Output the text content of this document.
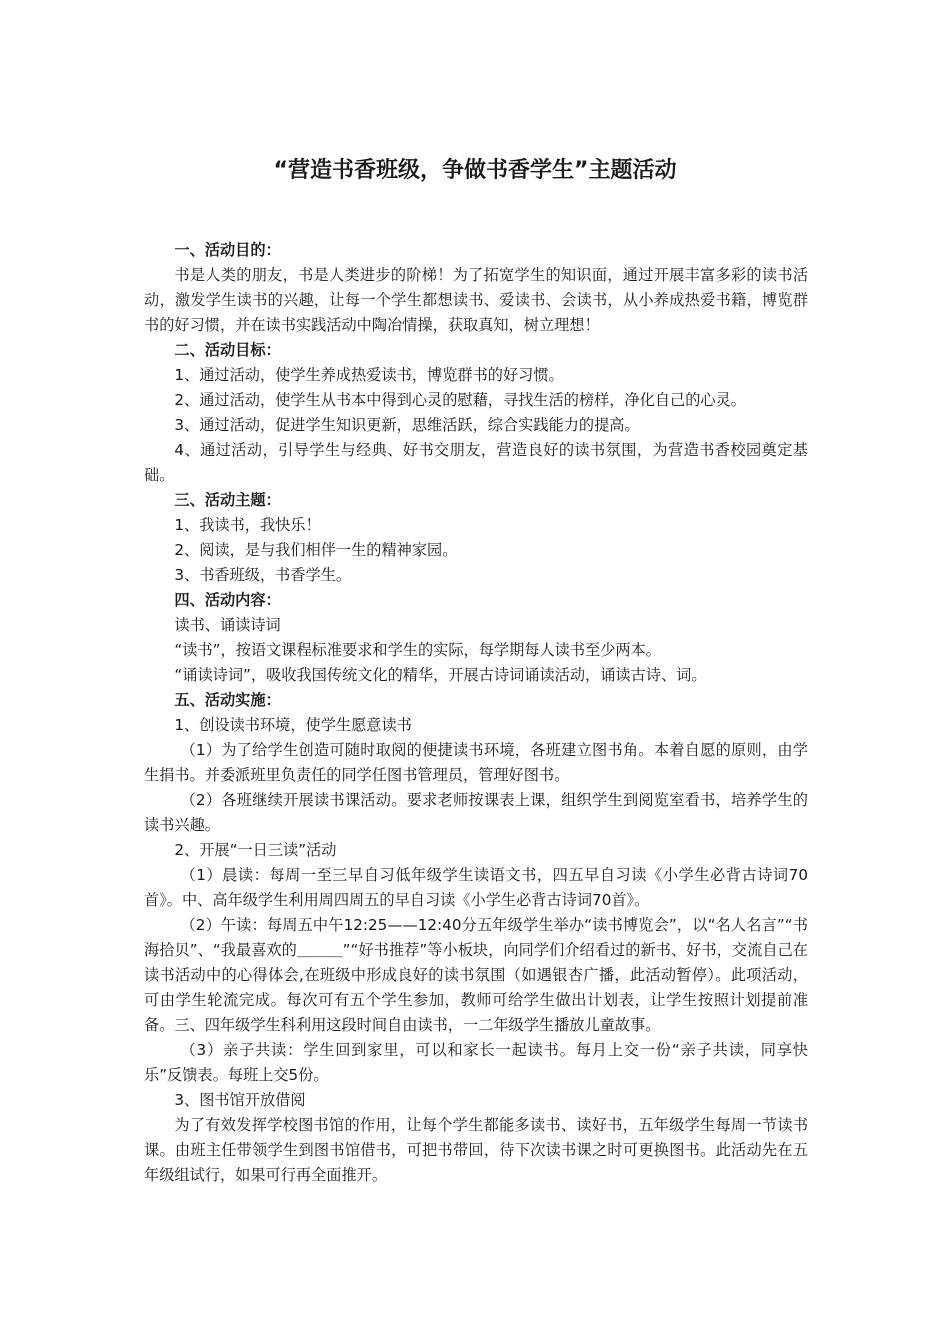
“营造书香班级，争做书香学生”主题活动

一、活动目的：

书是人类的朋友，书是人类进步的阶梯！为了拓宽学生的知识面，通过开展丰富多彩的读书活动，激发学生读书的兴趣，让每一个学生都想读书、爱读书、会读书，从小养成热爱书籍，博览群书的好习惯，并在读书实践活动中陶冶情操，获取真知，树立理想！

二、活动目标：

1、通过活动，使学生养成热爱读书，博览群书的好习惯。

2、通过活动，使学生从书本中得到心灵的慰藉，寻找生活的榜样，净化自己的心灵。

3、通过活动，促进学生知识更新，思维活跃，综合实践能力的提高。

4、通过活动，引导学生与经典、好书交朋友，营造良好的读书氛围，为营造书香校园奠定基础。

三、活动主题：

1、我读书，我快乐！

2、阅读，是与我们相伴一生的精神家园。

3、书香班级，书香学生。

四、活动内容：

读书、诵读诗词

“读书”，按语文课程标准要求和学生的实际，每学期每人读书至少两本。

“诵读诗词”，吸收我国传统文化的精华，开展古诗词诵读活动，诵读古诗、词。

五、活动实施：

1、创设读书环境，使学生愿意读书

（1）为了给学生创造可随时取阅的便捷读书环境，各班建立图书角。本着自愿的原则，由学生捐书。并委派班里负责任的同学任图书管理员，管理好图书。

（2）各班继续开展读书课活动。要求老师按课表上课，组织学生到阅览室看书，培养学生的读书兴趣。

2、开展“一日三读”活动

（1）晨读：每周一至三早自习低年级学生读语文书，四五早自习读《小学生必背古诗词70首》。中、高年级学生利用周四周五的早自习读《小学生必背古诗词70首》。

（2）午读：每周五中午12:25——12:40分五年级学生举办“读书博览会”，以“名人名言”“书海拾贝”、“我最喜欢的＿＿＿”“好书推荐”等小板块，向同学们介绍看过的新书、好书，交流自己在读书活动中的心得体会,在班级中形成良好的读书氛围（如遇银杏广播，此活动暂停）。此项活动，可由学生轮流完成。每次可有五个学生参加，教师可给学生做出计划表，让学生按照计划提前准备。三、四年级学生科利用这段时间自由读书，一二年级学生播放儿童故事。

（3）亲子共读：学生回到家里，可以和家长一起读书。每月上交一份“亲子共读，同享快乐”反馈表。每班上交5份。

3、图书馆开放借阅

为了有效发挥学校图书馆的作用，让每个学生都能多读书、读好书，五年级学生每周一节读书课。由班主任带领学生到图书馆借书，可把书带回，待下次读书课之时可更换图书。此活动先在五年级组试行，如果可行再全面推开。
